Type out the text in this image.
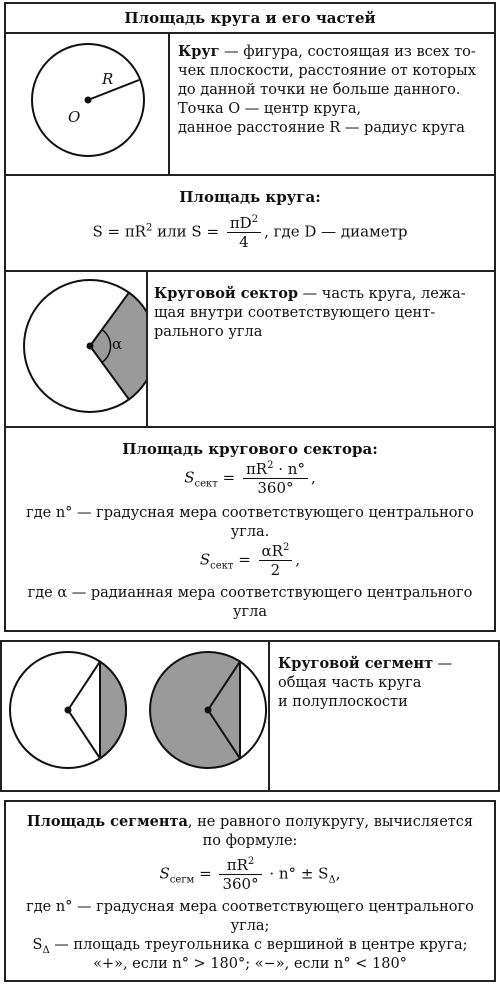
Площадь круга и его частей
R
O
Круг — фигура, состоящая из всех то-
чек плоскости, расстояние от которых
до данной точки не больше данного.
Точка O — центр круга,
данное расстояние R — радиус круга
Площадь круга:
$S = \pi R^2$ или $S = \frac{\pi D^2}{4}$ , где D — диаметр
α
Круговой сектор — часть круга, лежа-
щая внутри соответствующего цент-
рального угла
Площадь кругового сектора:
$S_{сект} = \frac{\pi R^2 \cdot n^\circ}{360^\circ}$ ,
где n° — градусная мера соответствующего центрального
угла.
$S_{сект} = \frac{\alpha R^2}{2}$ ,
где α — радианная мера соответствующего центрального
угла
Круговой сегмент —
общая часть круга
и полуплоскости
Площадь сегмента, не равного полукругу, вычисляется
по формуле:
$S_{сегм} = \frac{\pi R^2}{360^\circ} \cdot n^\circ \pm S_\Delta$,
где n° — градусная мера соответствующего центрального
угла;
$S_\Delta$ — площадь треугольника с вершиной в центре круга;
«+», если n° > 180°; «−», если n° < 180°
